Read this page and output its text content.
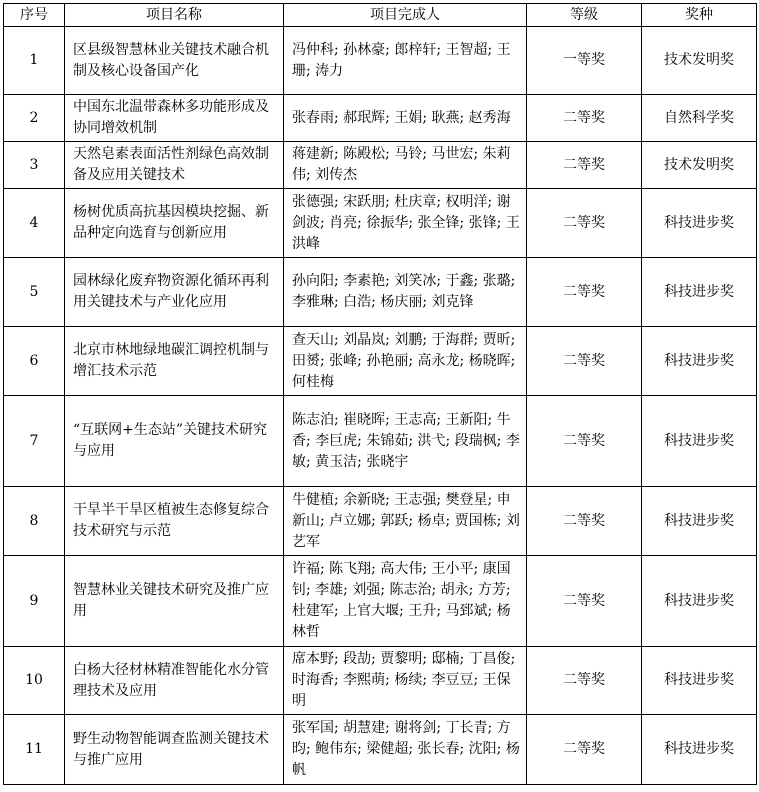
序号	项目名称	项目完成人	等级	奖种
1	区县级智慧林业关键技术融合机制及核心设备国产化	冯仲科; 孙林豪; 郎梓轩; 王智超; 王珊; 涛力	一等奖	技术发明奖
2	中国东北温带森林多功能形成及协同增效机制	张春雨; 郝珉辉; 王娟; 耿燕; 赵秀海	二等奖	自然科学奖
3	天然皂素表面活性剂绿色高效制备及应用关键技术	蒋建新; 陈殿松; 马铃; 马世宏; 朱莉伟; 刘传杰	二等奖	技术发明奖
4	杨树优质高抗基因模块挖掘、新品种定向选育与创新应用	张德强; 宋跃朋; 杜庆章; 权明洋; 谢剑波; 肖亮; 徐振华; 张全锋; 张锋; 王洪峰	二等奖	科技进步奖
5	园林绿化废弃物资源化循环再利用关键技术与产业化应用	孙向阳; 李素艳; 刘笑冰; 于鑫; 张璐; 李雅琳; 白浩; 杨庆丽; 刘克锋	二等奖	科技进步奖
6	北京市林地绿地碳汇调控机制与增汇技术示范	查天山; 刘晶岚; 刘鹏; 于海群; 贾昕; 田赟; 张峰; 孙艳丽; 高永龙; 杨晓晖; 何桂梅	二等奖	科技进步奖
7	“互联网+生态站”关键技术研究与应用	陈志泊; 崔晓晖; 王志高; 王新阳; 牛香; 李巨虎; 朱锦茹; 洪弋; 段瑞枫; 李敏; 黄玉洁; 张晓宇	二等奖	科技进步奖
8	干旱半干旱区植被生态修复综合技术研究与示范	牛健植; 余新晓; 王志强; 樊登星; 申新山; 卢立娜; 郭跃; 杨卓; 贾国栋; 刘艺军	二等奖	科技进步奖
9	智慧林业关键技术研究及推广应用	许福; 陈飞翔; 高大伟; 王小平; 康国钊; 李雄; 刘强; 陈志治; 胡永; 方芳; 杜建军; 上官大堰; 王升; 马郅斌; 杨林哲	二等奖	科技进步奖
10	白杨大径材林精准智能化水分管理技术及应用	席本野; 段劼; 贾黎明; 邸楠; 丁昌俊; 时海香; 李熙萌; 杨续; 李豆豆; 王保明	二等奖	科技进步奖
11	野生动物智能调查监测关键技术与推广应用	张军国; 胡慧建; 谢将剑; 丁长青; 方昀; 鲍伟东; 梁健超; 张长春; 沈阳; 杨帆	二等奖	科技进步奖
